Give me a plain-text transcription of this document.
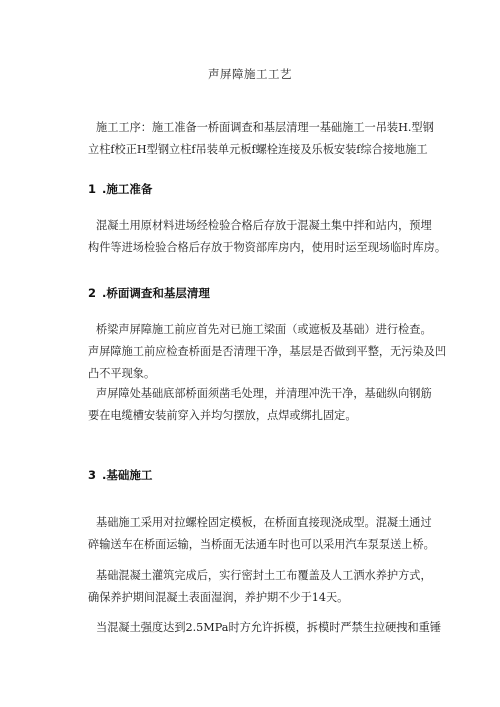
声屏障施工工艺
施工工序：施工准备一桥面调查和基层清理一基础施工一吊装H.型钢
立柱f校正H型钢立柱f吊装单元板f螺栓连接及乐板安装f综合接地施工
1 .施工准备
混凝土用原材料进场经检验合格后存放于混凝土集中拌和站内，预埋
构件等进场检验合格后存放于物资部库房内，使用时运至现场临时库房。
2 .桥面调查和基层清理
桥梁声屏障施工前应首先对已施工梁面（或遮板及基础）进行检查。
声屏障施工前应检查桥面是否清理干净，基层是否做到平整，无污染及凹
凸不平现象。
声屏障处基础底部桥面须凿毛处理，并清理冲洗干净，基础纵向钢筋
要在电缆槽安装前穿入并均匀摆放，点焊或绑扎固定。
3 .基础施工
基础施工采用对拉螺栓固定模板，在桥面直接现浇成型。混凝土通过
碎输送车在桥面运输，当桥面无法通车时也可以采用汽车泵泵送上桥。
基础混凝土灌筑完成后，实行密封土工布覆盖及人工洒水养护方式，
确保养护期间混凝土表面湿润，养护期不少于14天。
当混凝土强度达到2.5MPa时方允许拆模，拆模时严禁生拉硬拽和重锤
